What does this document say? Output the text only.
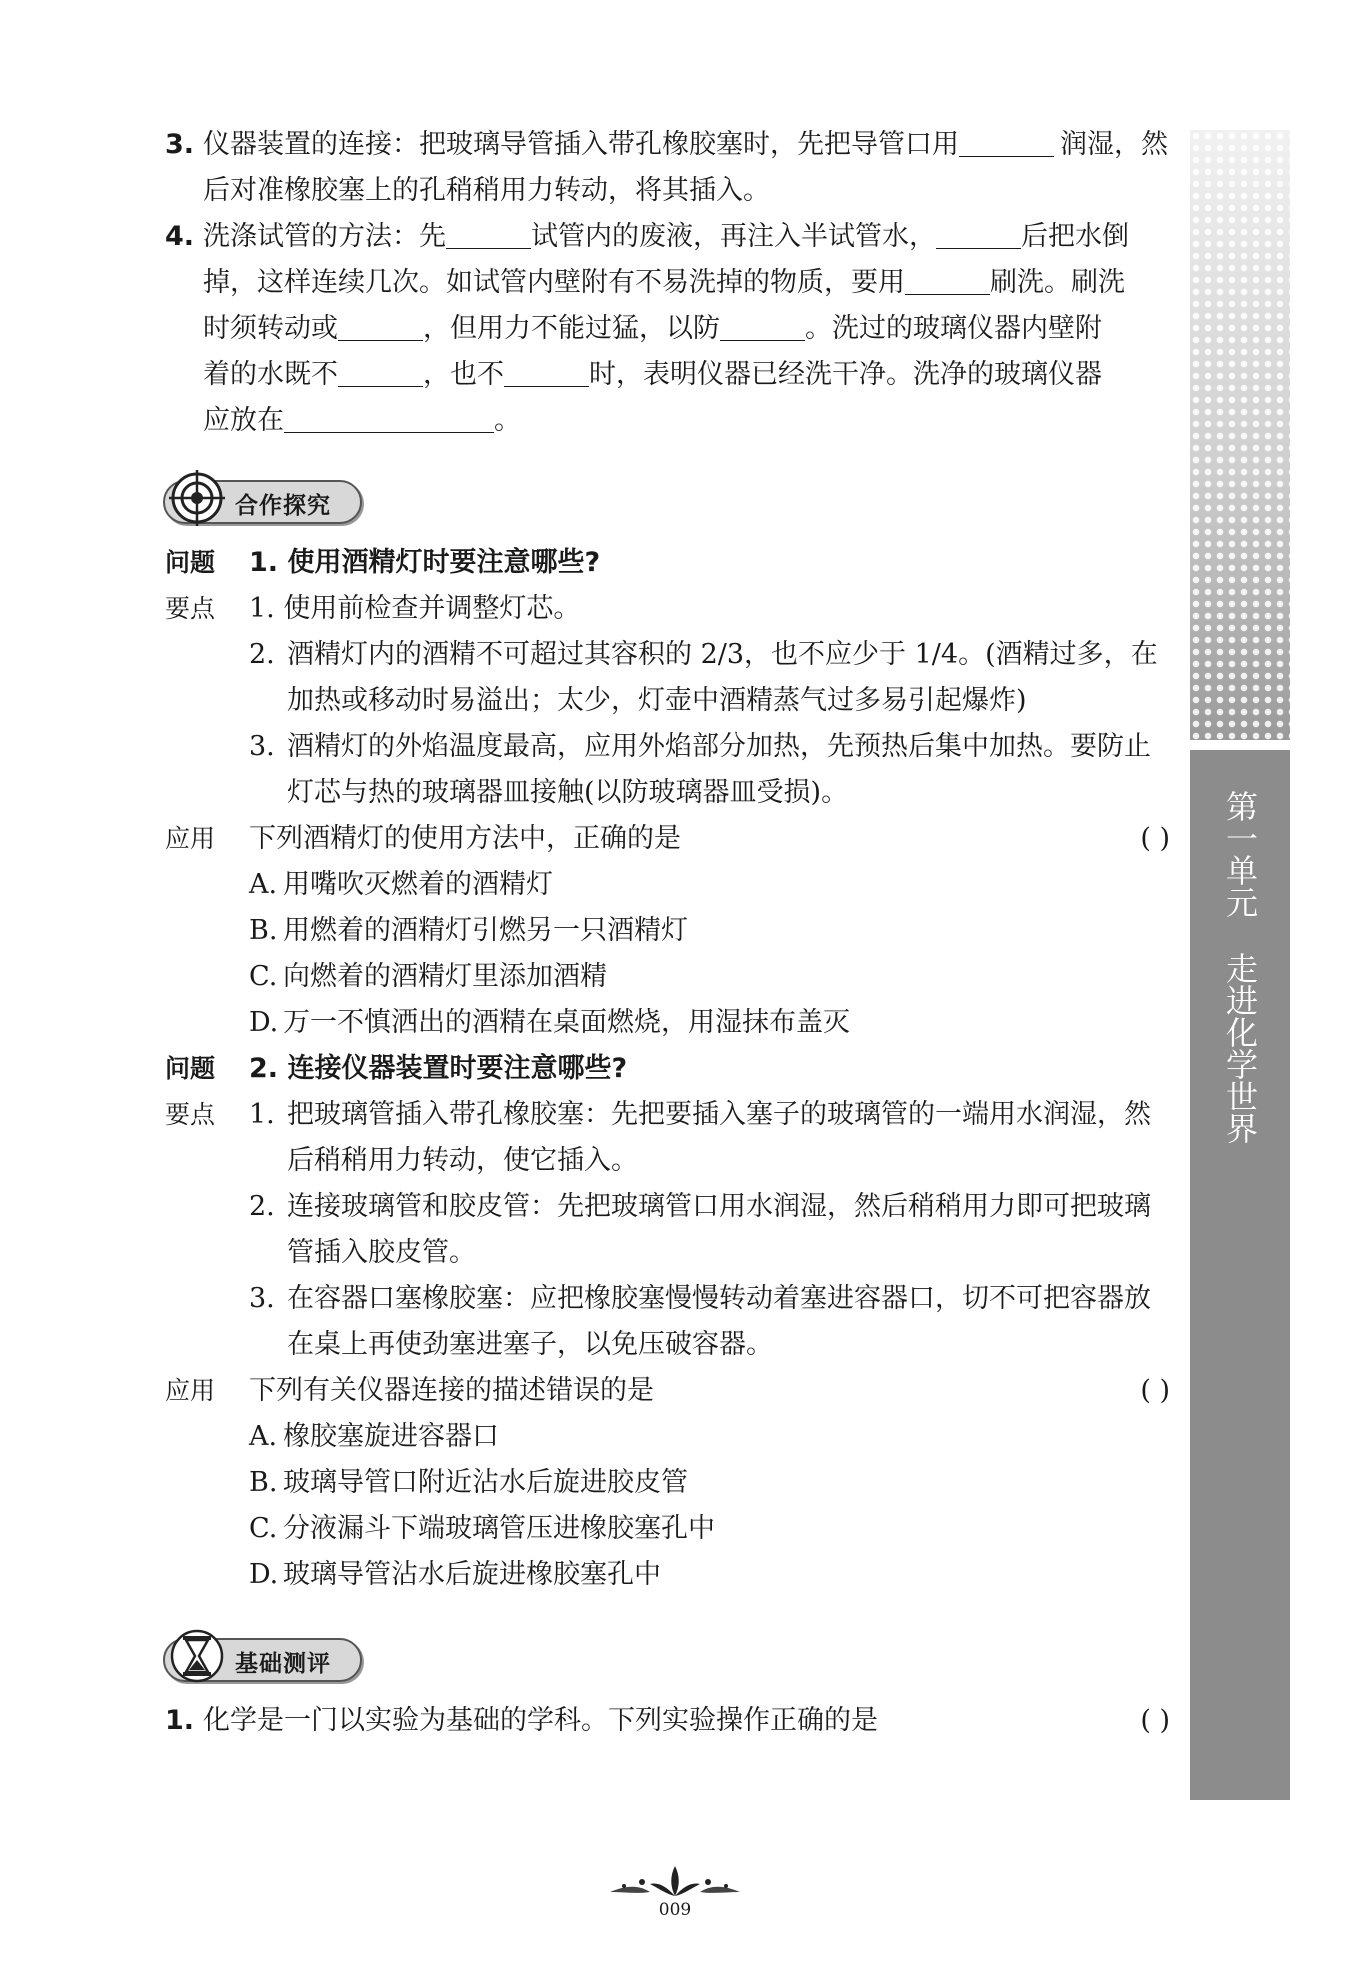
第一单元
走进化学世界
3. 仪器装置的连接：把玻璃导管插入带孔橡胶塞时，先把导管口用	润湿，然
后对准橡胶塞上的孔稍稍用力转动，将其插入。
4. 洗涤试管的方法：先	试管内的废液，再注入半试管水，	后把水倒
掉，这样连续几次。如试管内壁附有不易洗掉的物质，要用	刷洗。刷洗
时须转动或	，但用力不能过猛，以防	。洗过的玻璃仪器内壁附
着的水既不	，也不	时，表明仪器已经洗干净。洗净的玻璃仪器
应放在	。
合作探究
问题 1. 使用酒精灯时要注意哪些?
要点 1. 使用前检查并调整灯芯。
2. 酒精灯内的酒精不可超过其容积的 2/3，也不应少于 1/4。(酒精过多，在
加热或移动时易溢出；太少，灯壶中酒精蒸气过多易引起爆炸)
3. 酒精灯的外焰温度最高，应用外焰部分加热，先预热后集中加热。要防止
灯芯与热的玻璃器皿接触(以防玻璃器皿受损)。
应用 下列酒精灯的使用方法中，正确的是	( )
A. 用嘴吹灭燃着的酒精灯
B. 用燃着的酒精灯引燃另一只酒精灯
C. 向燃着的酒精灯里添加酒精
D. 万一不慎洒出的酒精在桌面燃烧，用湿抹布盖灭
问题 2. 连接仪器装置时要注意哪些?
要点 1. 把玻璃管插入带孔橡胶塞：先把要插入塞子的玻璃管的一端用水润湿，然
后稍稍用力转动，使它插入。
2. 连接玻璃管和胶皮管：先把玻璃管口用水润湿，然后稍稍用力即可把玻璃
管插入胶皮管。
3. 在容器口塞橡胶塞：应把橡胶塞慢慢转动着塞进容器口，切不可把容器放
在桌上再使劲塞进塞子，以免压破容器。
应用 下列有关仪器连接的描述错误的是	( )
A. 橡胶塞旋进容器口
B. 玻璃导管口附近沾水后旋进胶皮管
C. 分液漏斗下端玻璃管压进橡胶塞孔中
D. 玻璃导管沾水后旋进橡胶塞孔中
基础测评
1. 化学是一门以实验为基础的学科。下列实验操作正确的是	( )
009
